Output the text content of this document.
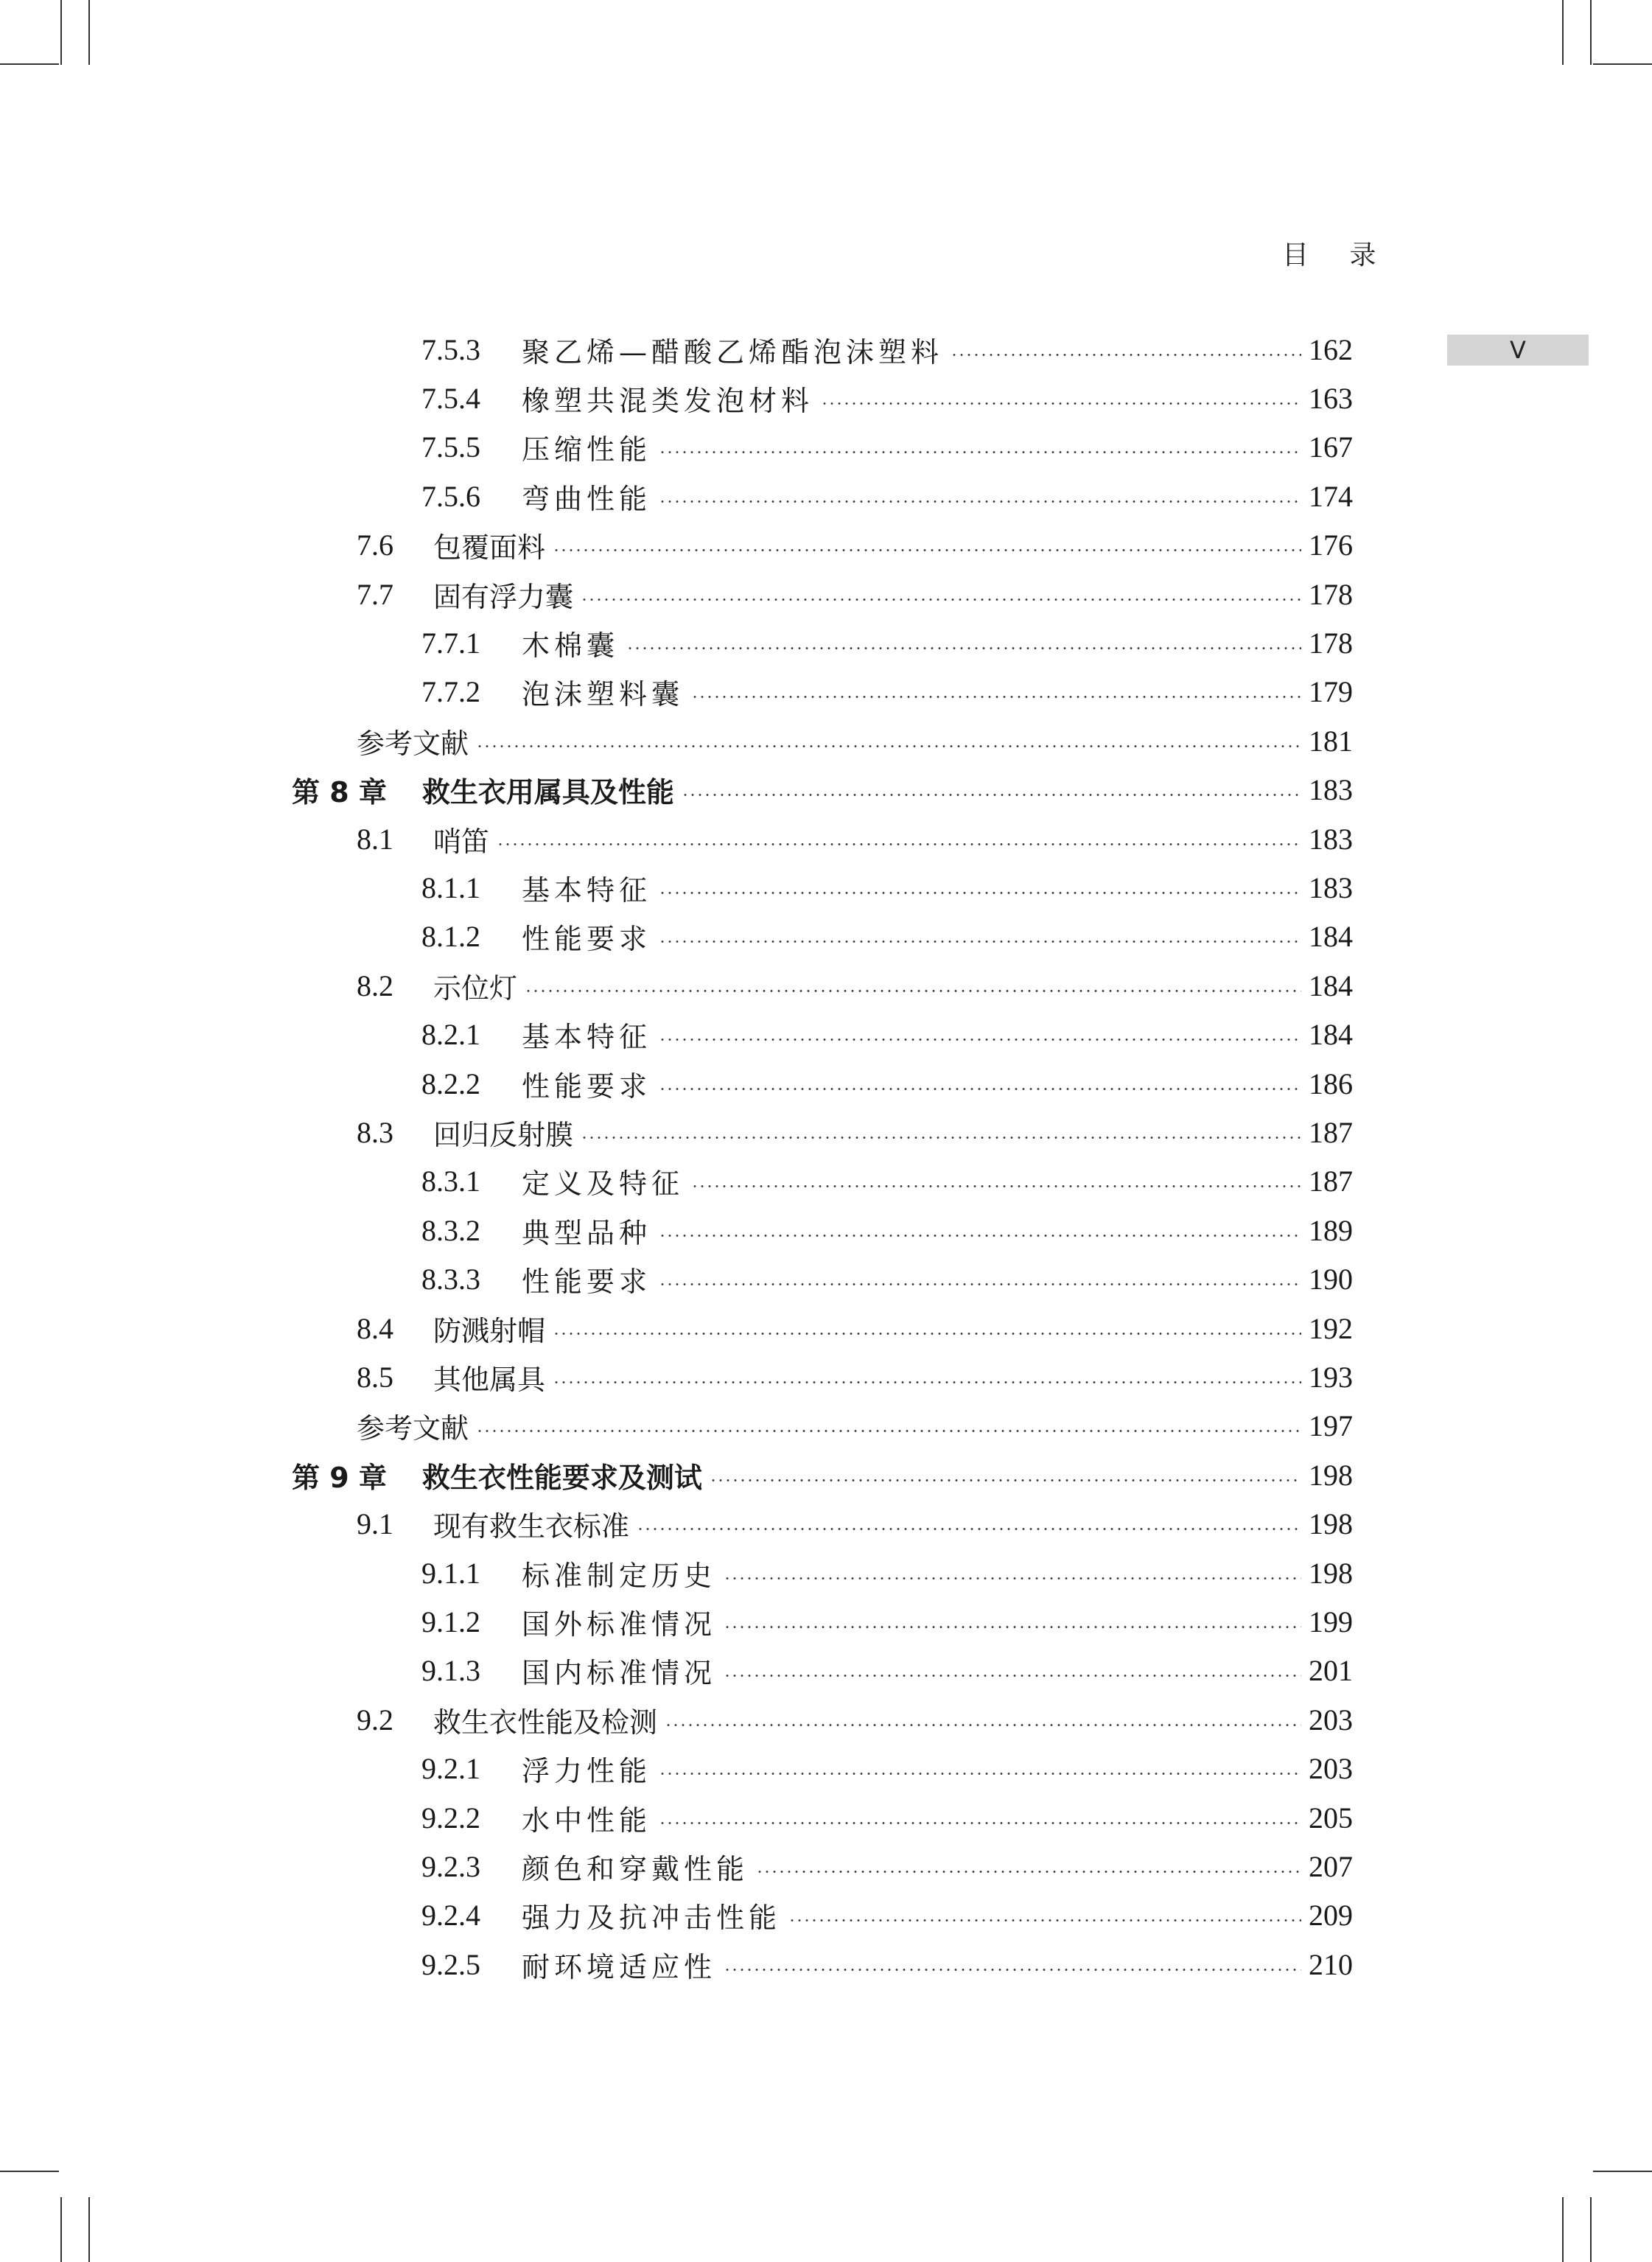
目 录
V
7.5.3 聚乙烯—醋酸乙烯酯泡沫塑料	162
7.5.4 橡塑共混类发泡材料	163
7.5.5 压缩性能	167
7.5.6 弯曲性能	174
7.6 包覆面料	176
7.7 固有浮力囊	178
7.7.1 木棉囊	178
7.7.2 泡沫塑料囊	179
参考文献	181
第 8 章 救生衣用属具及性能	183
8.1 哨笛	183
8.1.1 基本特征	183
8.1.2 性能要求	184
8.2 示位灯	184
8.2.1 基本特征	184
8.2.2 性能要求	186
8.3 回归反射膜	187
8.3.1 定义及特征	187
8.3.2 典型品种	189
8.3.3 性能要求	190
8.4 防溅射帽	192
8.5 其他属具	193
参考文献	197
第 9 章 救生衣性能要求及测试	198
9.1 现有救生衣标准	198
9.1.1 标准制定历史	198
9.1.2 国外标准情况	199
9.1.3 国内标准情况	201
9.2 救生衣性能及检测	203
9.2.1 浮力性能	203
9.2.2 水中性能	205
9.2.3 颜色和穿戴性能	207
9.2.4 强力及抗冲击性能	209
9.2.5 耐环境适应性	210
